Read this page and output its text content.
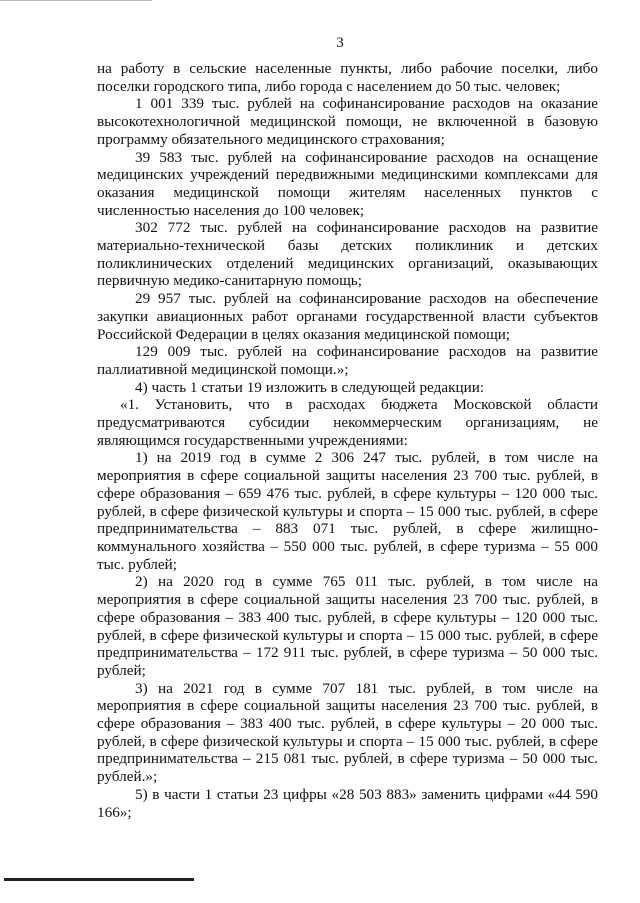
3

на работу в сельские населенные пункты, либо рабочие поселки, либо поселки городского типа, либо города с населением до 50 тыс. человек;

1 001 339 тыс. рублей на софинансирование расходов на оказание высокотехнологичной медицинской помощи, не включенной в базовую программу обязательного медицинского страхования;

39 583 тыс. рублей на софинансирование расходов на оснащение медицинских учреждений передвижными медицинскими комплексами для оказания медицинской помощи жителям населенных пунктов с численностью населения до 100 человек;

302 772 тыс. рублей на софинансирование расходов на развитие материально-технической базы детских поликлиник и детских поликлинических отделений медицинских организаций, оказывающих первичную медико-санитарную помощь;

29 957 тыс. рублей на софинансирование расходов на обеспечение закупки авиационных работ органами государственной власти субъектов Российской Федерации в целях оказания медицинской помощи;

129 009 тыс. рублей на софинансирование расходов на развитие паллиативной медицинской помощи.»;

4) часть 1 статьи 19 изложить в следующей редакции:

«1. Установить, что в расходах бюджета Московской области предусматриваются субсидии некоммерческим организациям, не являющимся государственными учреждениями:

1) на 2019 год в сумме 2 306 247 тыс. рублей, в том числе на мероприятия в сфере социальной защиты населения 23 700 тыс. рублей, в сфере образования – 659 476 тыс. рублей, в сфере культуры – 120 000 тыс. рублей, в сфере физической культуры и спорта – 15 000 тыс. рублей, в сфере предпринимательства – 883 071 тыс. рублей, в сфере жилищно-коммунального хозяйства – 550 000 тыс. рублей, в сфере туризма – 55 000 тыс. рублей;

2) на 2020 год в сумме 765 011 тыс. рублей, в том числе на мероприятия в сфере социальной защиты населения 23 700 тыс. рублей, в сфере образования – 383 400 тыс. рублей, в сфере культуры – 120 000 тыс. рублей, в сфере физической культуры и спорта – 15 000 тыс. рублей, в сфере предпринимательства – 172 911 тыс. рублей, в сфере туризма – 50 000 тыс. рублей;

3) на 2021 год в сумме 707 181 тыс. рублей, в том числе на мероприятия в сфере социальной защиты населения 23 700 тыс. рублей, в сфере образования – 383 400 тыс. рублей, в сфере культуры – 20 000 тыс. рублей, в сфере физической культуры и спорта – 15 000 тыс. рублей, в сфере предпринимательства – 215 081 тыс. рублей, в сфере туризма – 50 000 тыс. рублей.»;

5) в части 1 статьи 23 цифры «28 503 883» заменить цифрами «44 590 166»;
